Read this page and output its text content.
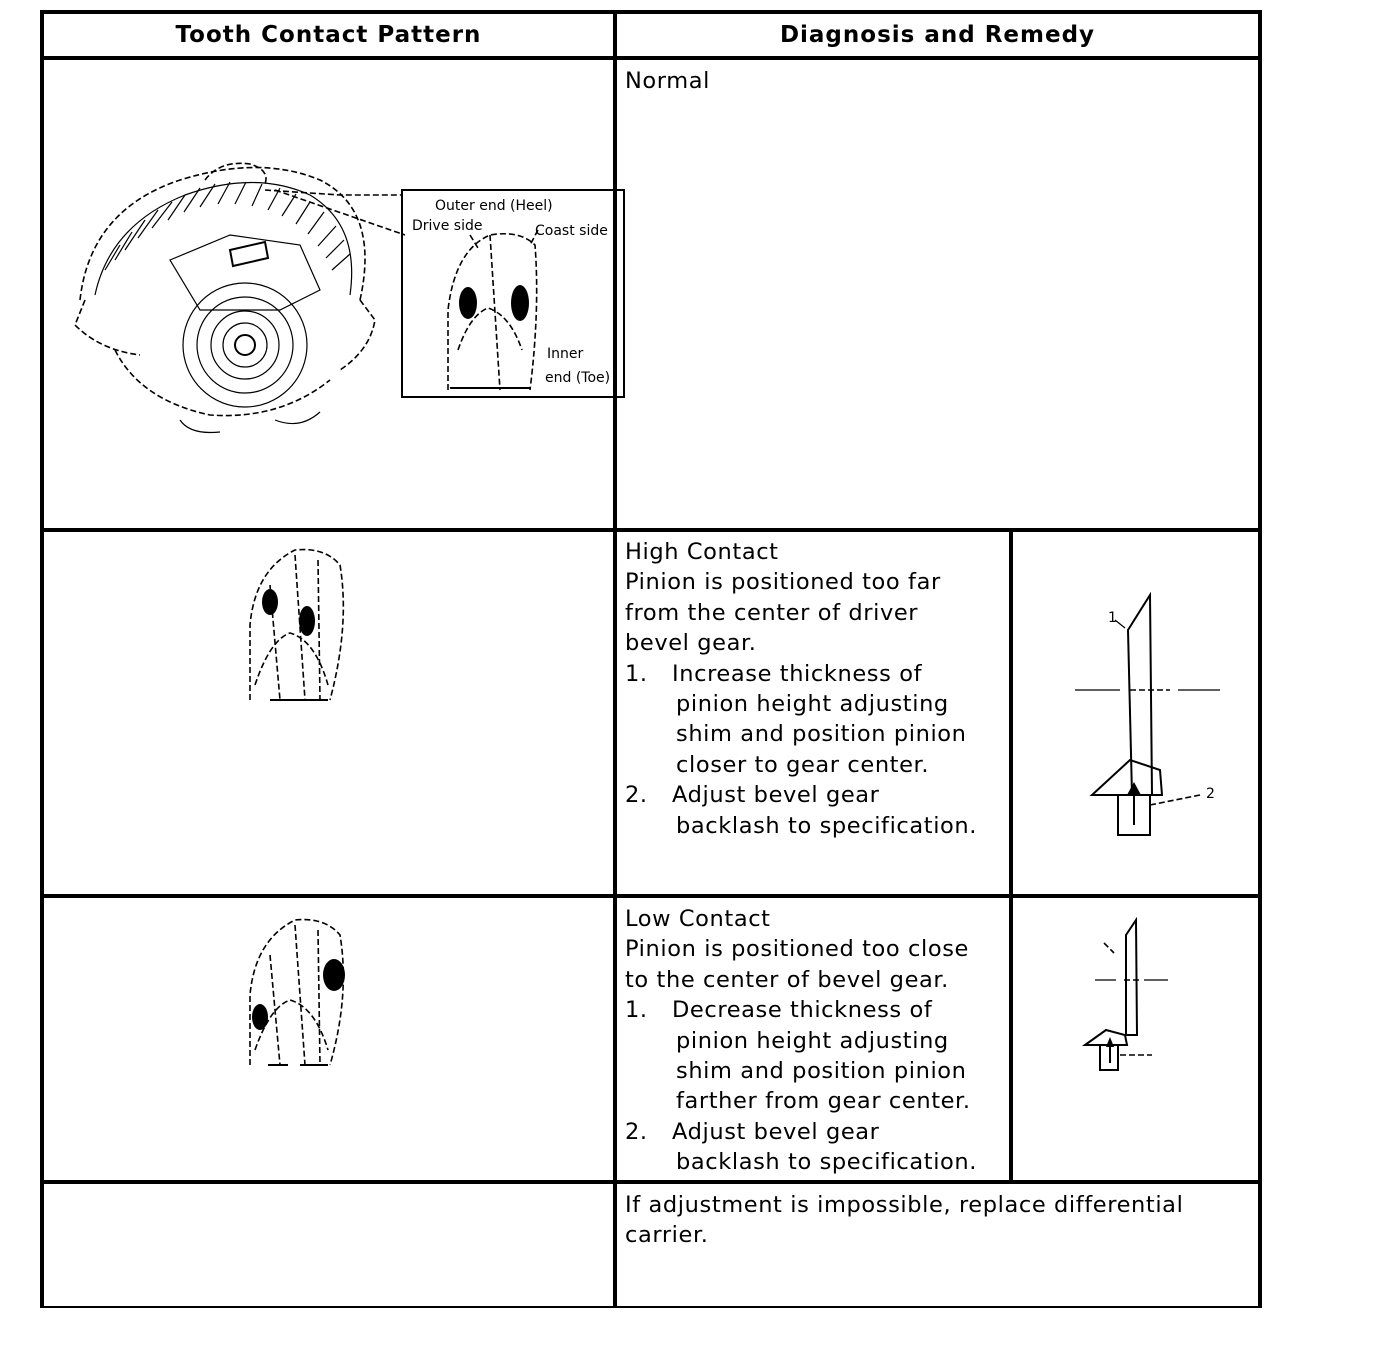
Tooth Contact Pattern	Diagnosis and Remedy
Normal
Outer end (Heel)
Drive side	Coast side
Inner
end (Toe)

High Contact

Pinion is positioned too far

from the center of driver

bevel gear.

1. Increase thickness of
pinion height adjusting
shim and position pinion
closer to gear center.
2. Adjust bevel gear
backlash to specification.
1
2

Low Contact

Pinion is positioned too close

to the center of bevel gear.

1. Decrease thickness of
pinion height adjusting
shim and position pinion
farther from gear center.
2. Adjust bevel gear
backlash to specification.

If adjustment is impossible, replace differential

carrier.
